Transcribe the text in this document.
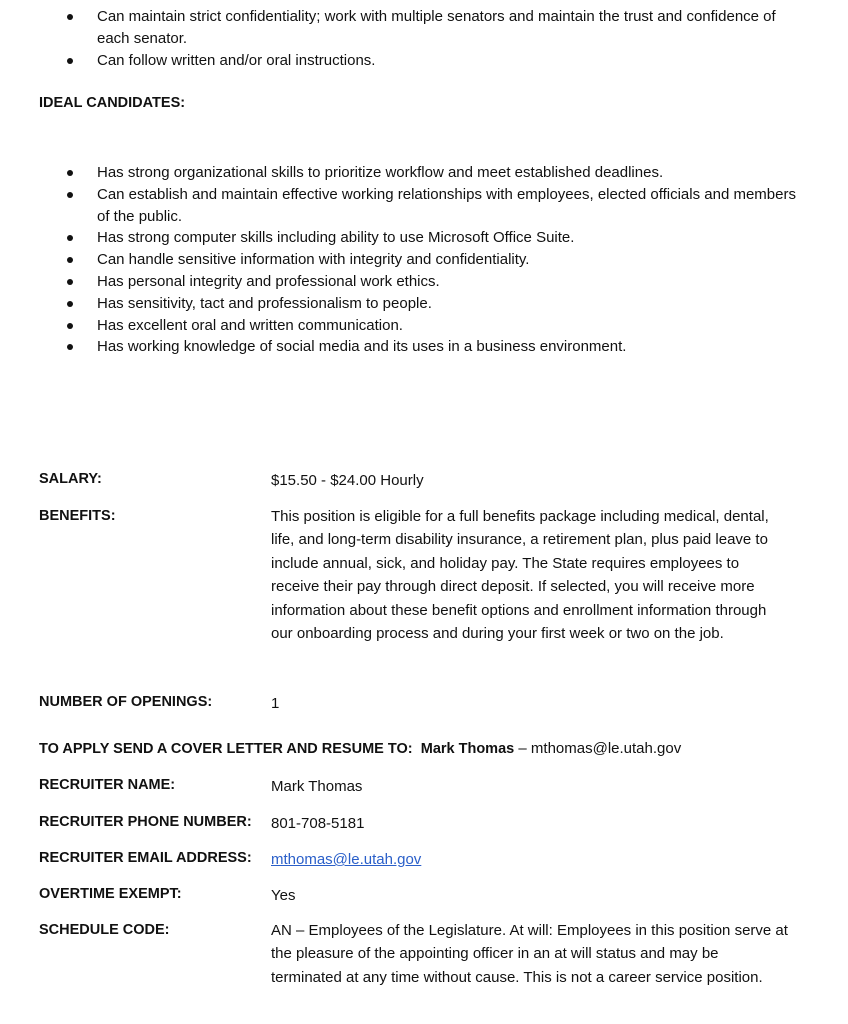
Can maintain strict confidentiality; work with multiple senators and maintain the trust and confidence of each senator.
Can follow written and/or oral instructions.
IDEAL CANDIDATES:
Has strong organizational skills to prioritize workflow and meet established deadlines.
Can establish and maintain effective working relationships with employees, elected officials and members of the public.
Has strong computer skills including ability to use Microsoft Office Suite.
Can handle sensitive information with integrity and confidentiality.
Has personal integrity and professional work ethics.
Has sensitivity, tact and professionalism to people.
Has excellent oral and written communication.
Has working knowledge of social media and its uses in a business environment.
SALARY:	$15.50 - $24.00 Hourly
BENEFITS:	This position is eligible for a full benefits package including medical, dental, life, and long-term disability insurance, a retirement plan, plus paid leave to include annual, sick, and holiday pay. The State requires employees to receive their pay through direct deposit. If selected, you will receive more information about these benefit options and enrollment information through our onboarding process and during your first week or two on the job.
NUMBER OF OPENINGS:	1
TO APPLY SEND A COVER LETTER AND RESUME TO: Mark Thomas – mthomas@le.utah.gov
RECRUITER NAME:	Mark Thomas
RECRUITER PHONE NUMBER: 801-708-5181
RECRUITER EMAIL ADDRESS: mthomas@le.utah.gov
OVERTIME EXEMPT:	Yes
SCHEDULE CODE:	AN – Employees of the Legislature. At will: Employees in this position serve at the pleasure of the appointing officer in an at will status and may be terminated at any time without cause. This is not a career service position.
